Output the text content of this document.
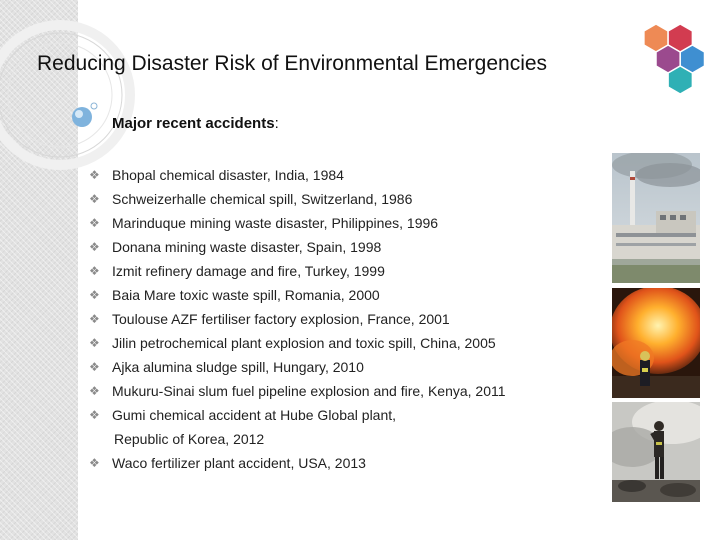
Reducing Disaster Risk of Environmental Emergencies
Major recent accidents:
❖ Bhopal chemical disaster, India, 1984
❖ Schweizerhalle chemical spill, Switzerland, 1986
❖ Marinduque mining waste disaster, Philippines, 1996
❖ Donana mining waste disaster, Spain, 1998
❖ Izmit refinery damage and fire, Turkey, 1999
❖ Baia Mare toxic waste spill, Romania, 2000
❖ Toulouse AZF fertiliser factory explosion, France, 2001
❖ Jilin petrochemical plant explosion and toxic spill, China, 2005
❖ Ajka alumina sludge spill, Hungary, 2010
❖ Mukuru-Sinai slum fuel pipeline explosion and fire, Kenya, 2011
❖ Gumi chemical accident at Hube Global plant,
Republic of Korea, 2012
❖ Waco fertilizer plant accident, USA, 2013
